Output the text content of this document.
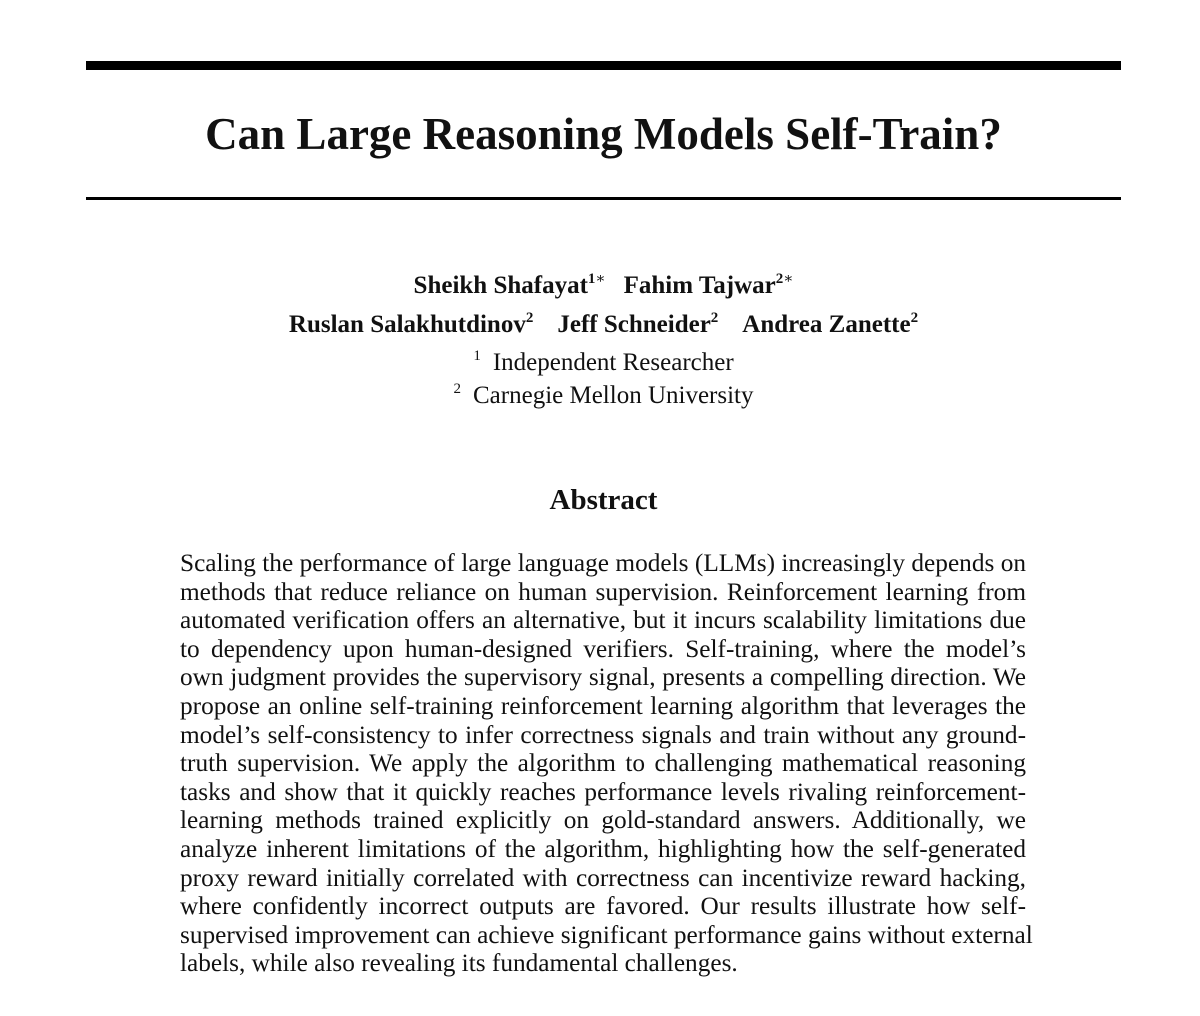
Can Large Reasoning Models Self-Train?
Sheikh Shafayat$^{1∗}$ Fahim Tajwar$^{2∗}$
Ruslan Salakhutdinov$^2$ Jeff Schneider$^2$ Andrea Zanette$^2$
$^1$ Independent Researcher
$^2$ Carnegie Mellon University
Abstract
Scaling the performance of large language models (LLMs) increasingly depends on
methods that reduce reliance on human supervision. Reinforcement learning from
automated verification offers an alternative, but it incurs scalability limitations due
to dependency upon human-designed verifiers. Self-training, where the model’s
own judgment provides the supervisory signal, presents a compelling direction. We
propose an online self-training reinforcement learning algorithm that leverages the
model’s self-consistency to infer correctness signals and train without any ground-
truth supervision. We apply the algorithm to challenging mathematical reasoning
tasks and show that it quickly reaches performance levels rivaling reinforcement-
learning methods trained explicitly on gold-standard answers. Additionally, we
analyze inherent limitations of the algorithm, highlighting how the self-generated
proxy reward initially correlated with correctness can incentivize reward hacking,
where confidently incorrect outputs are favored. Our results illustrate how self-
supervised improvement can achieve significant performance gains without external
labels, while also revealing its fundamental challenges.
